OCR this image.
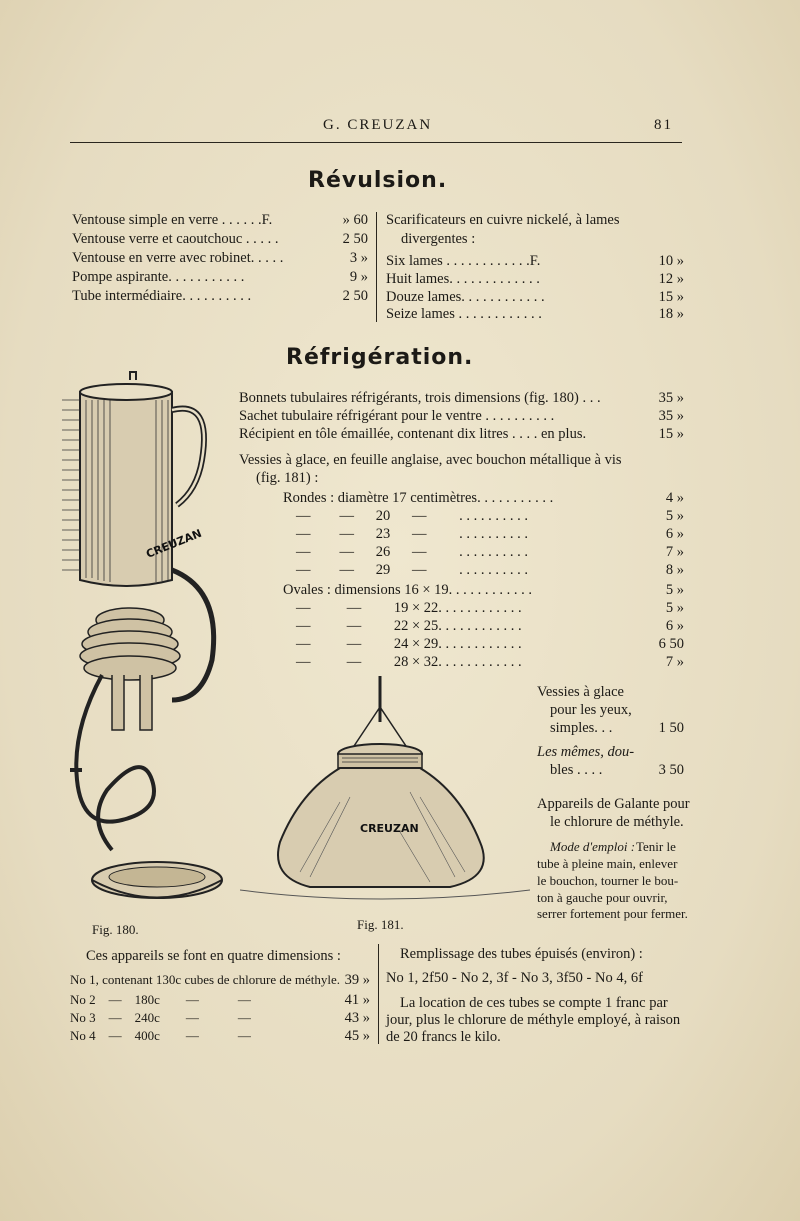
G. CREUZAN	81
Révulsion.
Ventouse simple en verre . . . . . .F.	» 60
Ventouse verre et caoutchouc . . . . .	2 50
Ventouse en verre avec robinet. . . . .	3 »
Pompe aspirante. . . . . . . . . . .	9 »
Tube intermédiaire. . . . . . . . . .	2 50
Scarificateurs en cuivre nickelé, à lames
divergentes :
Six lames . . . . . . . . . . . .F.	10 »
Huit lames. . . . . . . . . . . . .	12 »
Douze lames. . . . . . . . . . . .	15 »
Seize lames . . . . . . . . . . . .	18 »
Réfrigération.
Bonnets tubulaires réfrigérants, trois dimensions (fig. 180) . . .	35 »
Sachet tubulaire réfrigérant pour le ventre . . . . . . . . . .	35 »
Récipient en tôle émaillée, contenant dix litres . . . . en plus.	15 »
Vessies à glace, en feuille anglaise, avec bouchon métallique à vis
(fig. 181) :
Rondes : diamètre 17 centimètres. . . . . . . . . . .	4 »
—        —      20      —         . . . . . . . . . .	5 »
—        —      23      —         . . . . . . . . . .	6 »
—        —      26      —         . . . . . . . . . .	7 »
—        —      29      —         . . . . . . . . . .	8 »
Ovales : dimensions 16 × 19. . . . . . . . . . . .	5 »
—          —         19 × 22. . . . . . . . . . . .	5 »
—          —         22 × 25. . . . . . . . . . . .	6 »
—          —         24 × 29. . . . . . . . . . . .	6 50
—          —         28 × 32. . . . . . . . . . . .	7 »
Vessies à glace
pour les yeux,
simples. . .	1 50
Les mêmes, dou-
bles . . . .	3 50
Appareils de Galante pour
le chlorure de méthyle.
Mode d'emploi : Tenir le
tube à pleine main, enlever
le bouchon, tourner le bou-
ton à gauche pour ouvrir,
serrer fortement pour fermer.
CREUZAN
CREUZAN
Fig. 180.	Fig. 181.
Ces appareils se font en quatre dimensions :
No 1, contenant 130c cubes de chlorure de méthyle. 39 »
No 2    —    180c        —            —	41 »
No 3    —    240c        —            —	43 »
No 4    —    400c        —            —	45 »
Remplissage des tubes épuisés (environ) :
No 1, 2f50 - No 2, 3f - No 3, 3f50 - No 4, 6f
La location de ces tubes se compte 1 franc par
jour, plus le chlorure de méthyle employé, à raison
de 20 francs le kilo.
